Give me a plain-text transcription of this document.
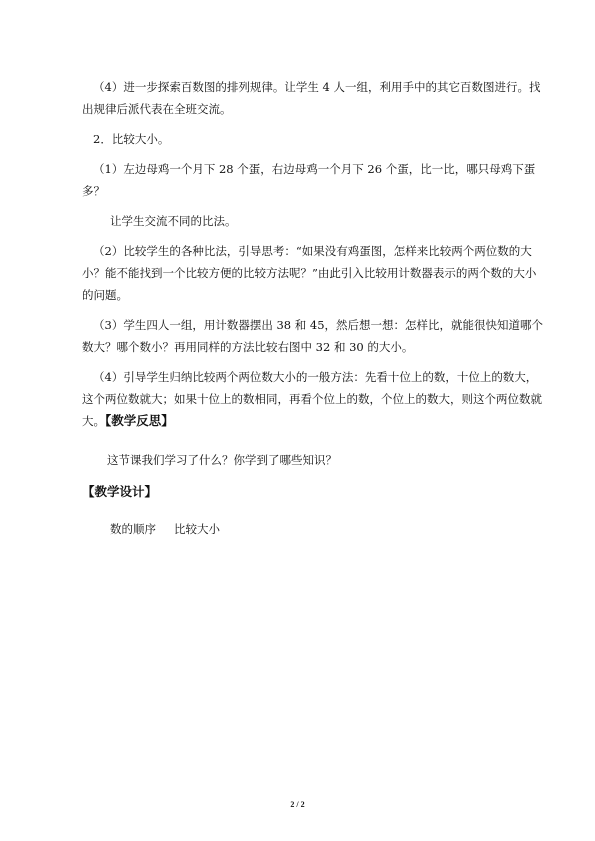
（4）进一步探索百数图的排列规律。让学生 4 人一组，利用手中的其它百数图进行。找
出规律后派代表在全班交流。
2．比较大小。
（1）左边母鸡一个月下 28 个蛋，右边母鸡一个月下 26 个蛋，比一比，哪只母鸡下蛋
多？
让学生交流不同的比法。
（2）比较学生的各种比法，引导思考：“如果没有鸡蛋图，怎样来比较两个两位数的大
小？能不能找到一个比较方便的比较方法呢？”由此引入比较用计数器表示的两个数的大小
的问题。
（3）学生四人一组，用计数器摆出 38 和 45，然后想一想：怎样比，就能很快知道哪个
数大？哪个数小？再用同样的方法比较右图中 32 和 30 的大小。
（4）引导学生归纳比较两个两位数大小的一般方法：先看十位上的数，十位上的数大，
这个两位数就大；如果十位上的数相同，再看个位上的数，个位上的数大，则这个两位数就
大。【教学反思】
这节课我们学习了什么？你学到了哪些知识？
【教学设计】
数的顺序 比较大小
2 / 2
